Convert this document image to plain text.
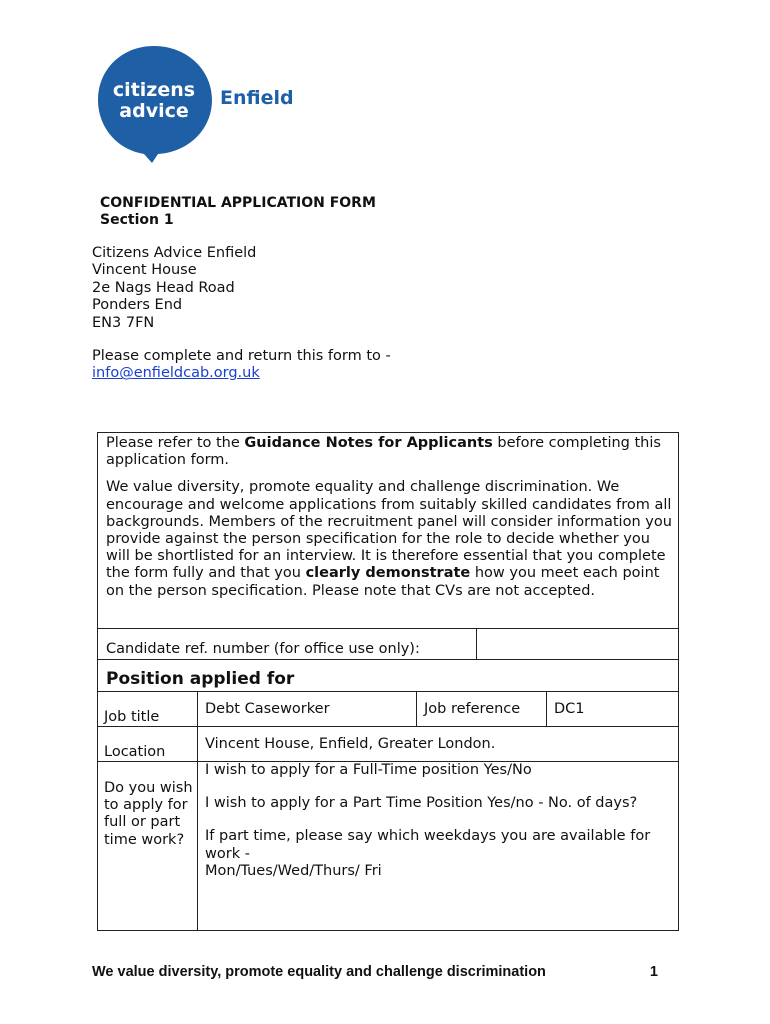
citizens
advice
Enfield
CONFIDENTIAL APPLICATION FORM
Section 1
Citizens Advice Enfield
Vincent House
2e Nags Head Road
Ponders End
EN3 7FN
Please complete and return this form to -
info@enfieldcab.org.uk

Please refer to the Guidance Notes for Applicants before completing this application form.

We value diversity, promote equality and challenge discrimination. We encourage and welcome applications from suitably skilled candidates from all backgrounds. Members of the recruitment panel will consider information you provide against the person specification for the role to decide whether you will be shortlisted for an interview. It is therefore essential that you complete the form fully and that you clearly demonstrate how you meet each point on the person specification. Please note that CVs are not accepted.

Candidate ref. number (for office use only):
Position applied for
Job title	Debt Caseworker	Job reference DC1
Location	Vincent House, Enfield, Greater London.
Do you wish to apply for full or part time work?
I wish to apply for a Full-Time position Yes/No
I wish to apply for a Part Time Position Yes/no - No. of days?
If part time, please say which weekdays you are available for work -
Mon/Tues/Wed/Thurs/ Fri
We value diversity, promote equality and challenge discrimination	1
